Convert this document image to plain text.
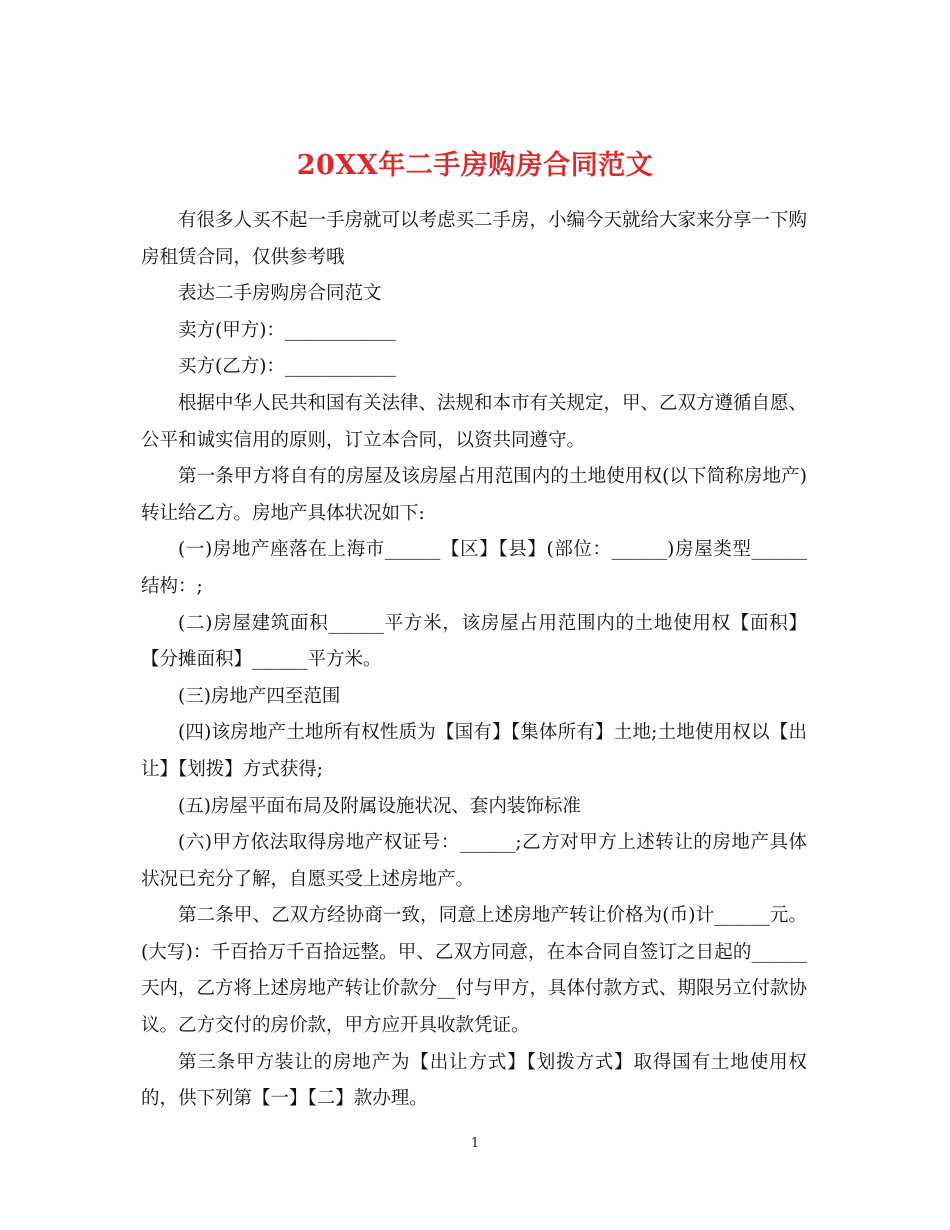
20XX年二手房购房合同范文

有很多人买不起一手房就可以考虑买二手房，小编今天就给大家来分享一下购房租赁合同，仅供参考哦

表达二手房购房合同范文

卖方(甲方)：____________

买方(乙方)：____________

根据中华人民共和国有关法律、法规和本市有关规定，甲、乙双方遵循自愿、公平和诚实信用的原则，订立本合同，以资共同遵守。

第一条甲方将自有的房屋及该房屋占用范围内的土地使用权(以下简称房地产)转让给乙方。房地产具体状况如下:

(一)房地产座落在上海市______【区】【县】(部位：______)房屋类型______结构：;

(二)房屋建筑面积______平方米，该房屋占用范围内的土地使用权【面积】【分摊面积】______平方米。

(三)房地产四至范围

(四)该房地产土地所有权性质为【国有】【集体所有】土地;土地使用权以【出让】【划拨】方式获得;

(五)房屋平面布局及附属设施状况、套内装饰标准

(六)甲方依法取得房地产权证号：______;乙方对甲方上述转让的房地产具体状况已充分了解，自愿买受上述房地产。

第二条甲、乙双方经协商一致，同意上述房地产转让价格为(币)计______元。(大写)：千百拾万千百拾远整。甲、乙双方同意，在本合同自签订之日起的______天内，乙方将上述房地产转让价款分__付与甲方，具体付款方式、期限另立付款协议。乙方交付的房价款，甲方应开具收款凭证。

第三条甲方装让的房地产为【出让方式】【划拨方式】取得国有土地使用权的，供下列第【一】【二】款办理。

1
